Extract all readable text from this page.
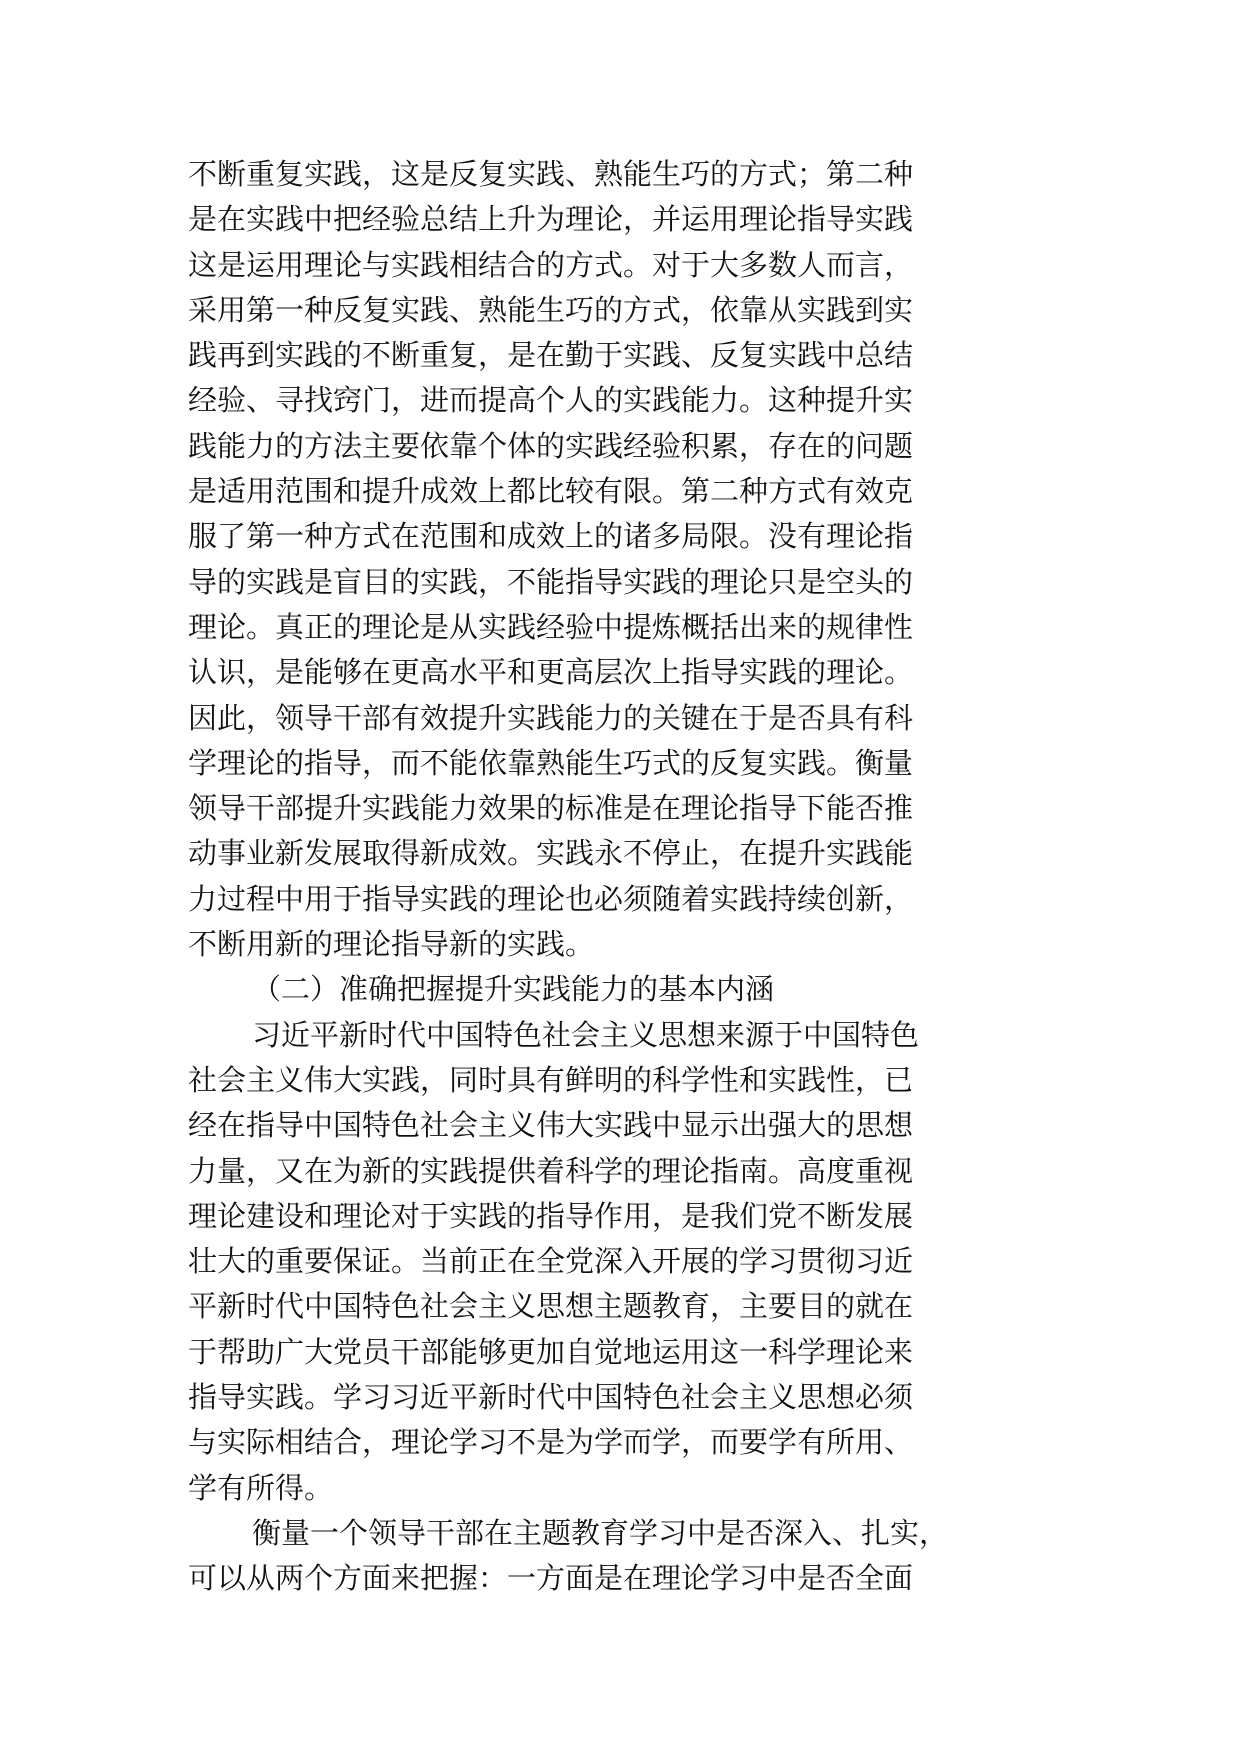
不断重复实践，这是反复实践、熟能生巧的方式；第二种
是在实践中把经验总结上升为理论，并运用理论指导实践
这是运用理论与实践相结合的方式。对于大多数人而言，
采用第一种反复实践、熟能生巧的方式，依靠从实践到实
践再到实践的不断重复，是在勤于实践、反复实践中总结
经验、寻找窍门，进而提高个人的实践能力。这种提升实
践能力的方法主要依靠个体的实践经验积累，存在的问题
是适用范围和提升成效上都比较有限。第二种方式有效克
服了第一种方式在范围和成效上的诸多局限。没有理论指
导的实践是盲目的实践，不能指导实践的理论只是空头的
理论。真正的理论是从实践经验中提炼概括出来的规律性
认识，是能够在更高水平和更高层次上指导实践的理论。
因此，领导干部有效提升实践能力的关键在于是否具有科
学理论的指导，而不能依靠熟能生巧式的反复实践。衡量
领导干部提升实践能力效果的标准是在理论指导下能否推
动事业新发展取得新成效。实践永不停止，在提升实践能
力过程中用于指导实践的理论也必须随着实践持续创新，
不断用新的理论指导新的实践。
（二）准确把握提升实践能力的基本内涵
习近平新时代中国特色社会主义思想来源于中国特色
社会主义伟大实践，同时具有鲜明的科学性和实践性，已
经在指导中国特色社会主义伟大实践中显示出强大的思想
力量，又在为新的实践提供着科学的理论指南。高度重视
理论建设和理论对于实践的指导作用，是我们党不断发展
壮大的重要保证。当前正在全党深入开展的学习贯彻习近
平新时代中国特色社会主义思想主题教育，主要目的就在
于帮助广大党员干部能够更加自觉地运用这一科学理论来
指导实践。学习习近平新时代中国特色社会主义思想必须
与实际相结合，理论学习不是为学而学，而要学有所用、
学有所得。
衡量一个领导干部在主题教育学习中是否深入、扎实，
可以从两个方面来把握：一方面是在理论学习中是否全面
